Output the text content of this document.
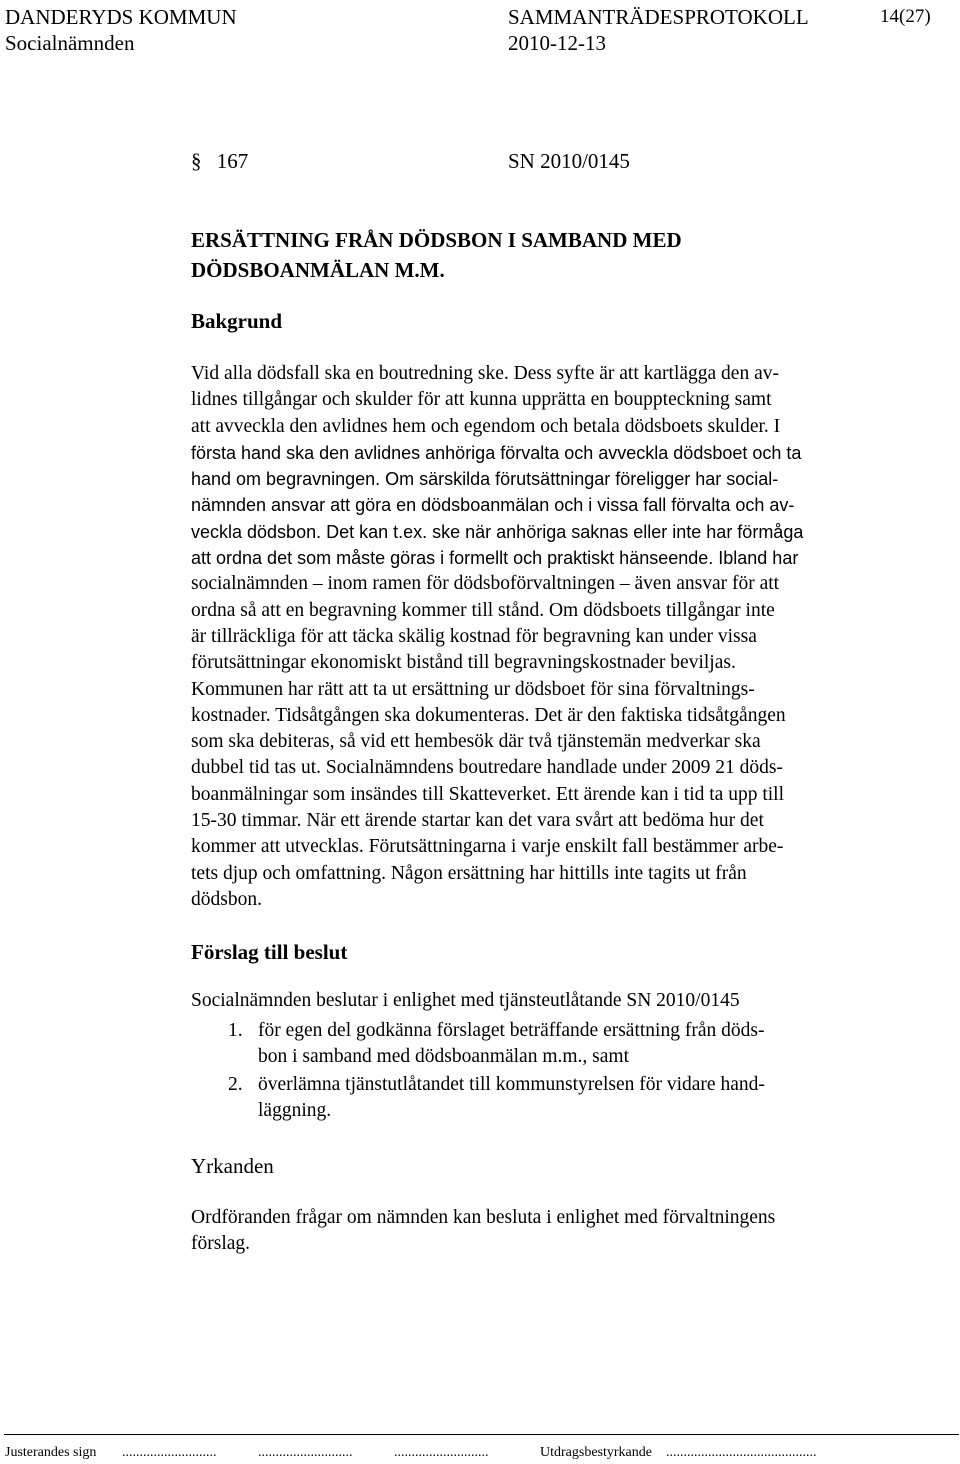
DANDERYDS KOMMUN	SAMMANTRÄDESPROTOKOLL	14(27)
Socialnämnden	2010-12-13
§ 167	SN 2010/0145
ERSÄTTNING FRÅN DÖDSBON I SAMBAND MED
DÖDSBOANMÄLAN M.M.
Bakgrund
Vid alla dödsfall ska en boutredning ske. Dess syfte är att kartlägga den av-
lidnes tillgångar och skulder för att kunna upprätta en bouppteckning samt
att avveckla den avlidnes hem och egendom och betala dödsboets skulder. I
första hand ska den avlidnes anhöriga förvalta och avveckla dödsboet och ta
hand om begravningen. Om särskilda förutsättningar föreligger har social-
nämnden ansvar att göra en dödsboanmälan och i vissa fall förvalta och av-
veckla dödsbon. Det kan t.ex. ske när anhöriga saknas eller inte har förmåga
att ordna det som måste göras i formellt och praktiskt hänseende. Ibland har
socialnämnden – inom ramen för dödsboförvaltningen – även ansvar för att
ordna så att en begravning kommer till stånd. Om dödsboets tillgångar inte
är tillräckliga för att täcka skälig kostnad för begravning kan under vissa
förutsättningar ekonomiskt bistånd till begravningskostnader beviljas.
Kommunen har rätt att ta ut ersättning ur dödsboet för sina förvaltnings-
kostnader. Tidsåtgången ska dokumenteras. Det är den faktiska tidsåtgången
som ska debiteras, så vid ett hembesök där två tjänstemän medverkar ska
dubbel tid tas ut. Socialnämndens boutredare handlade under 2009 21 döds-
boanmälningar som insändes till Skatteverket. Ett ärende kan i tid ta upp till
15-30 timmar. När ett ärende startar kan det vara svårt att bedöma hur det
kommer att utvecklas. Förutsättningarna i varje enskilt fall bestämmer arbe-
tets djup och omfattning. Någon ersättning har hittills inte tagits ut från
dödsbon.
Förslag till beslut
Socialnämnden beslutar i enlighet med tjänsteutlåtande SN 2010/0145
1. för egen del godkänna förslaget beträffande ersättning från döds-
bon i samband med dödsboanmälan m.m., samt
2. överlämna tjänstutlåtandet till kommunstyrelsen för vidare hand-
läggning.
Yrkanden
Ordföranden frågar om nämnden kan besluta i enlighet med förvaltningens
förslag.
Justerandes sign ...........................	...........................	...........................	Utdragsbestyrkande ...........................................
